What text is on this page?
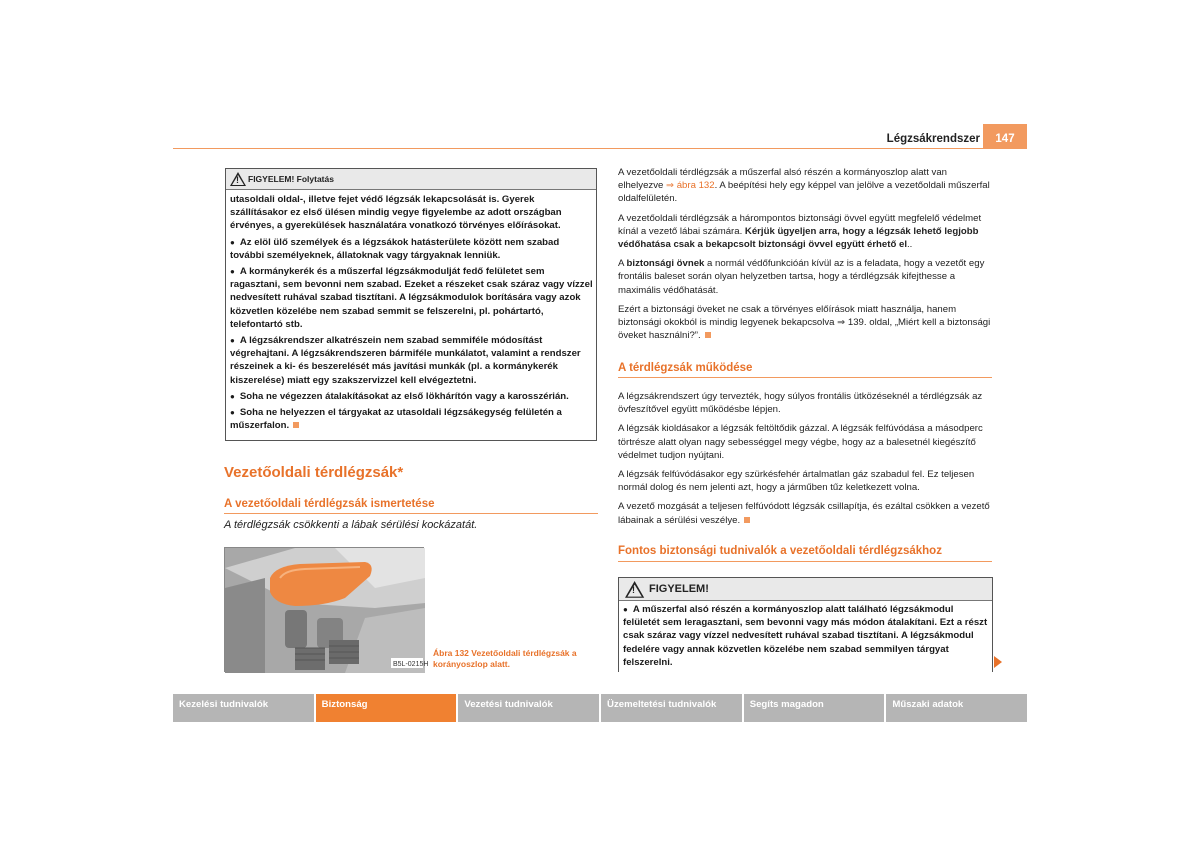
Légzsákrendszer	147
! FIGYELEM! Folytatás
utasoldali oldal-, illetve fejet védő légzsák lekapcsolását is. Gyerek szállításakor ez első ülésen mindig vegye figyelembe az adott országban érvényes, a gyerekülések használatára vonatkozó törvényes előírásokat.
● Az elöl ülő személyek és a légzsákok hatásterülete között nem szabad további személyeknek, állatoknak vagy tárgyaknak lenniük.
● A kormánykerék és a műszerfal légzsákmodulját fedő felületet sem ragasztani, sem bevonni nem szabad. Ezeket a részeket csak száraz vagy vízzel nedvesített ruhával szabad tisztítani. A légzsákmodulok borítására vagy azok közvetlen közelébe nem szabad semmit se felszerelni, pl. pohártartó, telefontartó stb.
● A légzsákrendszer alkatrészein nem szabad semmiféle módosítást végrehajtani. A légzsákrendszeren bármiféle munkálatot, valamint a rendszer részeinek a ki- és beszerelését más javítási munkák (pl. a kormánykerék kiszerelése) miatt egy szakszervizzel kell elvégeztetni.
● Soha ne végezzen átalakításokat az első lökhárítón vagy a karosszérián.
● Soha ne helyezzen el tárgyakat az utasoldali légzsákegység felületén a műszerfalon.
Vezetőoldali térdlégzsák*
A vezetőoldali térdlégzsák ismertetése
A térdlégzsák csökkenti a lábak sérülési kockázatát.
B5L-0215H
Ábra 132 Vezetőoldali térdlégzsák a korányoszlop alatt.

A vezetőoldali térdlégzsák a műszerfal alsó részén a kormányoszlop alatt van elhelyezve ⇒ ábra 132. A beépítési hely egy képpel van jelölve a vezetőoldali műszerfal oldalfelületén.

A vezetőoldali térdlégzsák a hárompontos biztonsági övvel együtt megfelelő védelmet kínál a vezető lábai számára. Kérjük ügyeljen arra, hogy a légzsák lehető legjobb védőhatása csak a bekapcsolt biztonsági övvel együtt érhető el..

A biztonsági övnek a normál védőfunkcióán kívül az is a feladata, hogy a vezetőt egy frontális baleset során olyan helyzetben tartsa, hogy a térdlégzsák kifejthesse a maximális védőhatását.

Ezért a biztonsági öveket ne csak a törvényes előírások miatt használja, hanem biztonsági okokból is mindig legyenek bekapcsolva ⇒ 139. oldal, „Miért kell a biztonsági öveket használni?”.

A térdlégzsák működése

A légzsákrendszert úgy tervezték, hogy súlyos frontális ütközéseknél a térdlégzsák az övfeszítővel együtt működésbe lépjen.

A légzsák kioldásakor a légzsák feltöltődik gázzal. A légzsák felfúvódása a másodperc törtrésze alatt olyan nagy sebességgel megy végbe, hogy az a balesetnél kiegészítő védelmet tudjon nyújtani.

A légzsák felfúvódásakor egy szürkésfehér ártalmatlan gáz szabadul fel. Ez teljesen normál dolog és nem jelenti azt, hogy a járműben tűz keletkezett volna.

A vezető mozgását a teljesen felfúvódott légzsák csillapítja, és ezáltal csökken a vezető lábainak a sérülési veszélye.

Fontos biztonsági tudnivalók a vezetőoldali térdlégzsákhoz
! FIGYELEM!
● A műszerfal alsó részén a kormányoszlop alatt található légzsákmodul felületét sem leragasztani, sem bevonni vagy más módon átalakítani. Ezt a részt csak száraz vagy vízzel nedvesített ruhával szabad tisztítani. A légzsákmodul fedelére vagy annak közvetlen közelébe nem szabad semmilyen tárgyat felszerelni.
Kezelési tudnivalók	Biztonság	Vezetési tudnivalók	Üzemeltetési tudnivalók	Segíts magadon	Műszaki adatok
